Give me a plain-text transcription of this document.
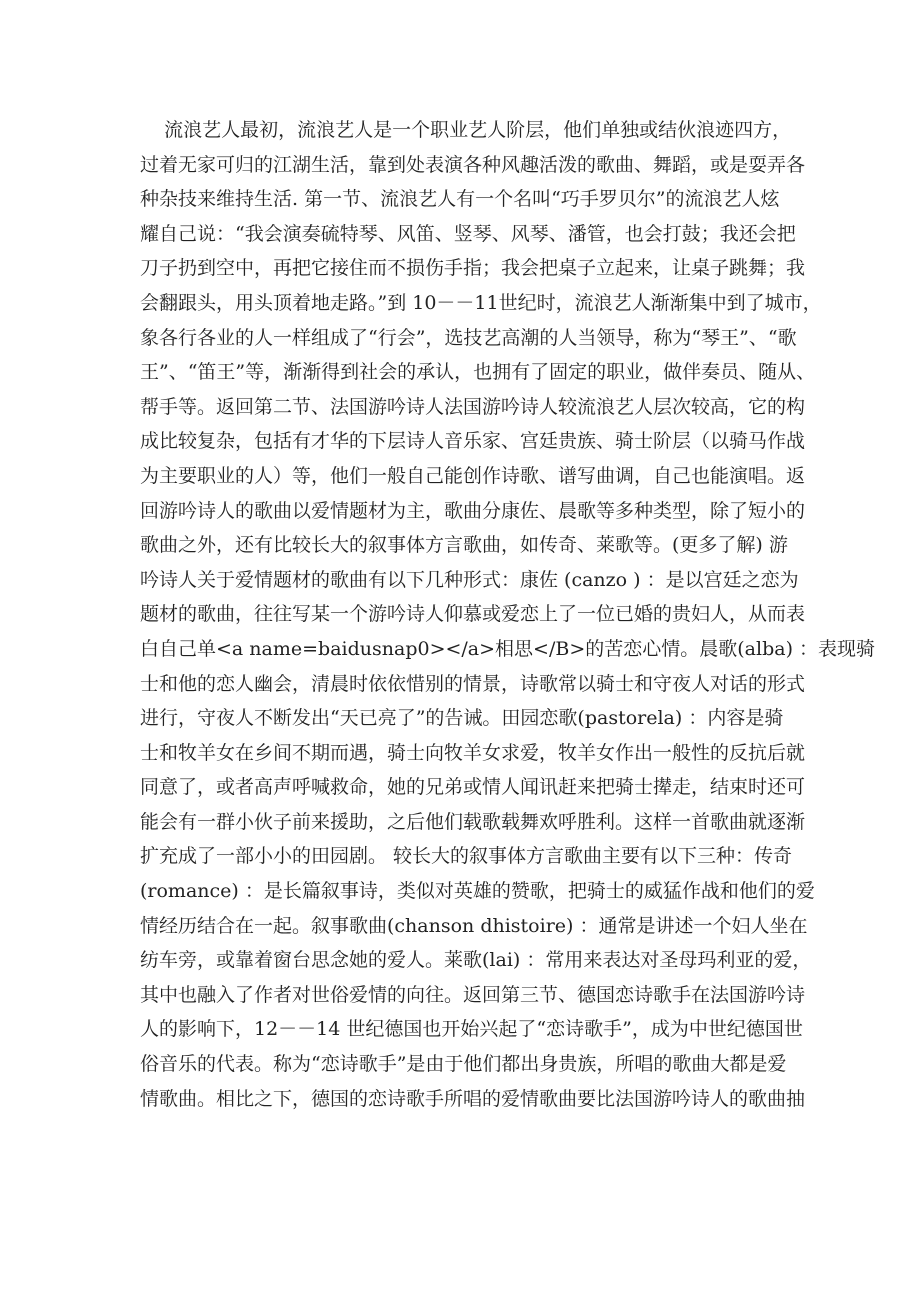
流浪艺人最初，流浪艺人是一个职业艺人阶层，他们单独或结伙浪迹四方，
过着无家可归的江湖生活，靠到处表演各种风趣活泼的歌曲、舞蹈，或是耍弄各
种杂技来维持生活. 第一节、流浪艺人有一个名叫“巧手罗贝尔”的流浪艺人炫
耀自己说：“我会演奏硫特琴、风笛、竖琴、风琴、潘管，也会打鼓；我还会把
刀子扔到空中，再把它接住而不损伤手指；我会把桌子立起来，让桌子跳舞；我
会翻跟头，用头顶着地走路。”到 10－－11世纪时，流浪艺人渐渐集中到了城市，
象各行各业的人一样组成了“行会”，选技艺高潮的人当领导，称为“琴王”、“歌
王”、“笛王”等，渐渐得到社会的承认，也拥有了固定的职业，做伴奏员、随从、
帮手等。返回第二节、法国游吟诗人法国游吟诗人较流浪艺人层次较高，它的构
成比较复杂，包括有才华的下层诗人音乐家、宫廷贵族、骑士阶层（以骑马作战
为主要职业的人）等，他们一般自己能创作诗歌、谱写曲调，自己也能演唱。返
回游吟诗人的歌曲以爱情题材为主，歌曲分康佐、晨歌等多种类型，除了短小的
歌曲之外，还有比较长大的叙事体方言歌曲，如传奇、莱歌等。(更多了解) 游
吟诗人关于爱情题材的歌曲有以下几种形式：康佐 (canzo ) ：是以宫廷之恋为
题材的歌曲，往往写某一个游吟诗人仰慕或爱恋上了一位已婚的贵妇人，从而表
白自己单<a name=baidusnap0></a>相思</B>的苦恋心情。晨歌(alba) ：表现骑
士和他的恋人幽会，清晨时依依惜别的情景，诗歌常以骑士和守夜人对话的形式
进行，守夜人不断发出“天已亮了”的告诫。田园恋歌(pastorela) ：内容是骑
士和牧羊女在乡间不期而遇，骑士向牧羊女求爱，牧羊女作出一般性的反抗后就
同意了，或者高声呼喊救命，她的兄弟或情人闻讯赶来把骑士撵走，结束时还可
能会有一群小伙子前来援助，之后他们载歌载舞欢呼胜利。这样一首歌曲就逐渐
扩充成了一部小小的田园剧。 较长大的叙事体方言歌曲主要有以下三种：传奇
(romance) ：是长篇叙事诗，类似对英雄的赞歌，把骑士的威猛作战和他们的爱
情经历结合在一起。叙事歌曲(chanson dhistoire) ：通常是讲述一个妇人坐在
纺车旁，或靠着窗台思念她的爱人。莱歌(lai) ：常用来表达对圣母玛利亚的爱，
其中也融入了作者对世俗爱情的向往。返回第三节、德国恋诗歌手在法国游吟诗
人的影响下，12－－14 世纪德国也开始兴起了“恋诗歌手”，成为中世纪德国世
俗音乐的代表。称为“恋诗歌手”是由于他们都出身贵族，所唱的歌曲大都是爱
情歌曲。相比之下，德国的恋诗歌手所唱的爱情歌曲要比法国游吟诗人的歌曲抽
